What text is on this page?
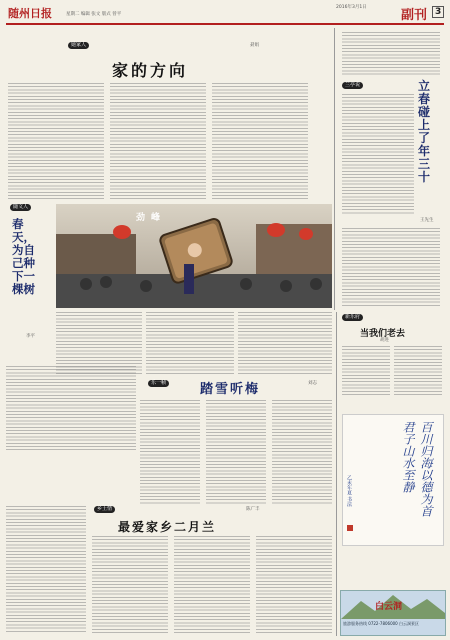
随州日报	2016年3月1日
星期二 编辑 张文 版式 曾平	副刊 3
她家人
家的方向
聂娟
兰亭说	立春碰上了年三十
王先生
随文人
春天，为自己种下一棵树
李平
劲峰
乐一帧	踏雪听梅	刘志
新乐府
当我们老去
胡进
百川归海以德为首 君子山水至静
乙未年夏 书法
乡土情	陈广丰
最爱家乡二月兰
白云洞
旅游服务热线 0722-7806000 白云洞景区
